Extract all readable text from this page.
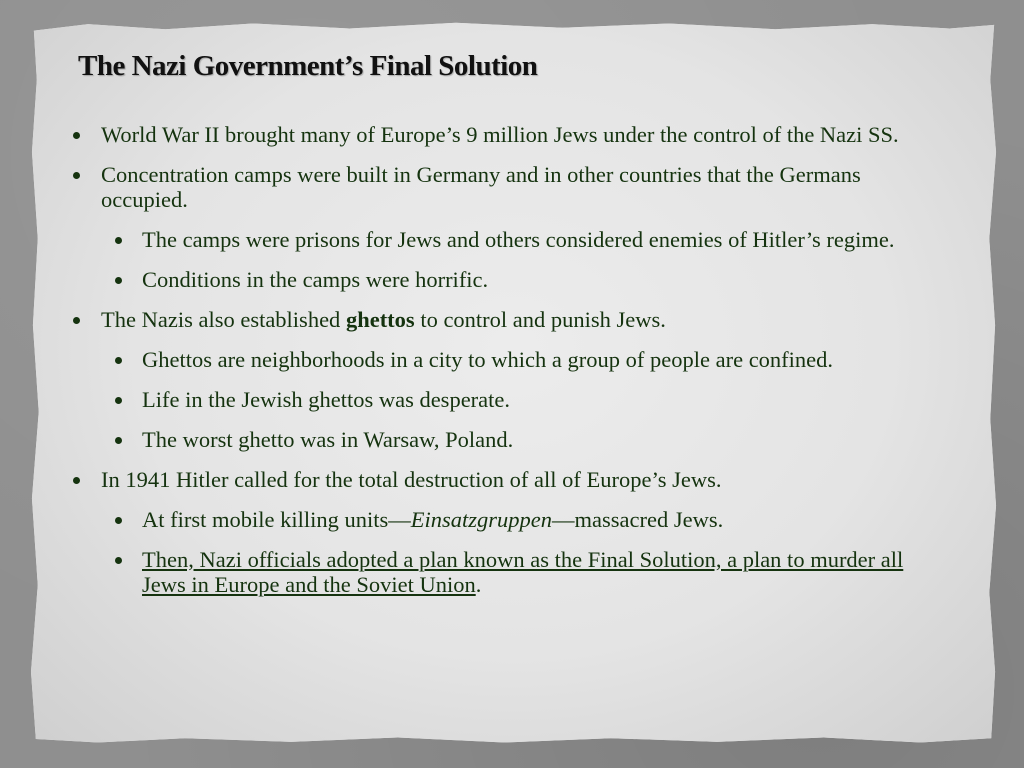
The Nazi Government’s Final Solution
World War II brought many of Europe’s 9 million Jews under the control of the Nazi SS.
Concentration camps were built in Germany and in other countries that the Germans occupied.
The camps were prisons for Jews and others considered enemies of Hitler’s regime.
Conditions in the camps were horrific.
The Nazis also established ghettos to control and punish Jews.
Ghettos are neighborhoods in a city to which a group of people are confined.
Life in the Jewish ghettos was desperate.
The worst ghetto was in Warsaw, Poland.
In 1941 Hitler called for the total destruction of all of Europe’s Jews.
At first mobile killing units—Einsatzgruppen—massacred Jews.
Then, Nazi officials adopted a plan known as the Final Solution, a plan to murder all Jews in Europe and the Soviet Union.
